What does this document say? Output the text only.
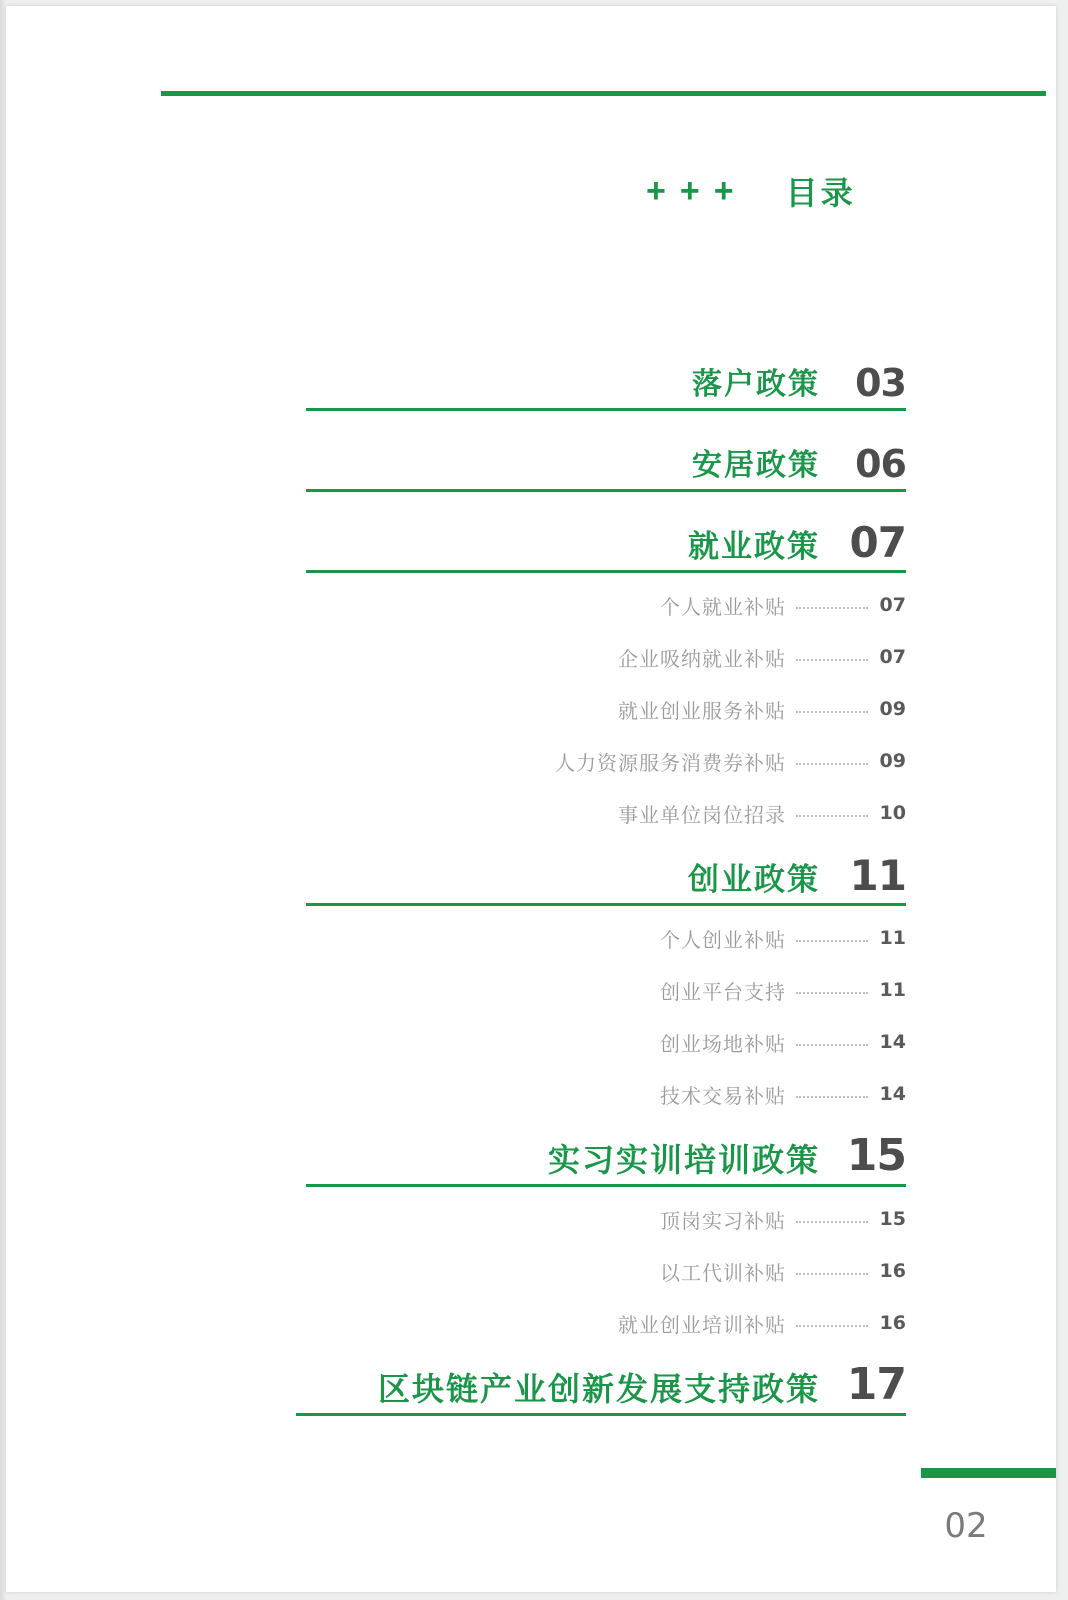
+ + + 目录
落户政策 03
安居政策 06
就业政策 07
个人就业补贴	07
企业吸纳就业补贴	07
就业创业服务补贴	09
人力资源服务消费券补贴	09
事业单位岗位招录	10
创业政策 11
个人创业补贴	11
创业平台支持	11
创业场地补贴	14
技术交易补贴	14
实习实训培训政策 15
顶岗实习补贴	15
以工代训补贴	16
就业创业培训补贴	16
区块链产业创新发展支持政策 17
02
